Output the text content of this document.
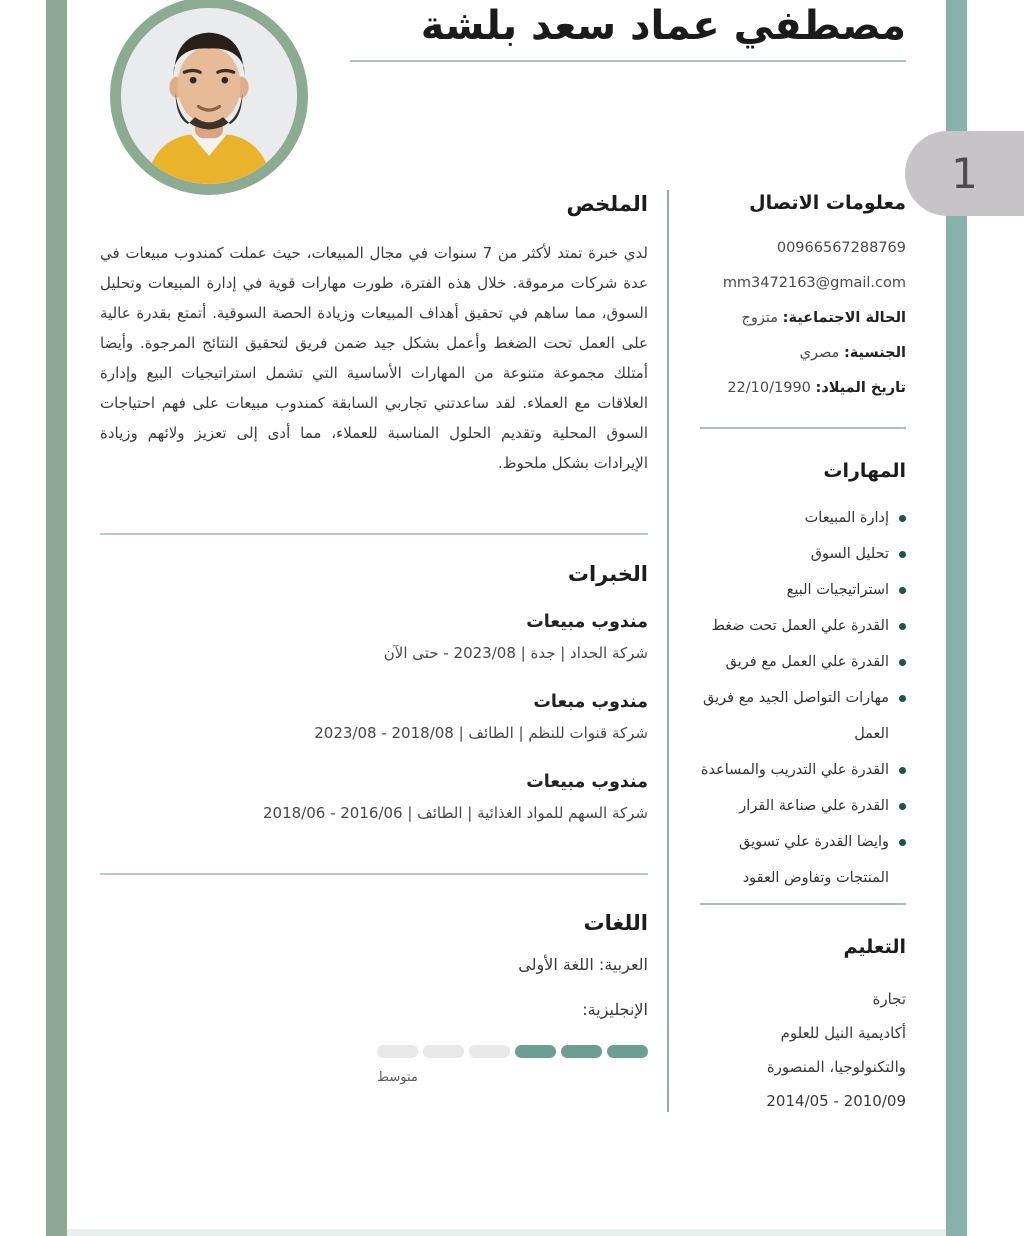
1
مصطفي عماد سعد بلشة
الملخص

لدي خبرة تمتد لأكثر من 7 سنوات في مجال المبيعات، حيث عملت كمندوب مبيعات في عدة شركات مرموقة. خلال هذه الفترة، طورت مهارات قوية في إدارة المبيعات وتحليل السوق، مما ساهم في تحقيق أهداف المبيعات وزيادة الحصة السوقية. أتمتع بقدرة عالية على العمل تحت الضغط وأعمل بشكل جيد ضمن فريق لتحقيق النتائج المرجوة. وأيضا أمتلك مجموعة متنوعة من المهارات الأساسية التي تشمل استراتيجيات البيع وإدارة العلاقات مع العملاء. لقد ساعدتني تجاربي السابقة كمندوب مبيعات على فهم احتياجات السوق المحلية وتقديم الحلول المناسبة للعملاء، مما أدى إلى تعزيز ولائهم وزيادة الإيرادات بشكل ملحوظ.

الخبرات
مندوب مبيعات

شركة الحداد | جدة | 2023/08 - حتى الآن

مندوب مبعات

شركة قنوات للنظم | الطائف | 2018/08 - 2023/08

مندوب مبيعات

شركة السهم للمواد الغذائية | الطائف | 2016/06 - 2018/06

اللغات

العربية: اللغة الأولى

الإنجليزية:

متوسط

معلومات الاتصال

00966567288769

mm3472163@gmail.com

الحالة الاجتماعية: متزوج

الجنسية: مصري

تاريخ الميلاد: 22/10/1990

المهارات
إدارة المبيعات
تحليل السوق
استراتيجيات البيع
القدرة علي العمل تحت ضغط
القدرة علي العمل مع فريق
مهارات التواصل الجيد مع فريق العمل
القدرة علي التدريب والمساعدة
القدرة علي صناعة القرار
وايضا القدرة علي تسويق المنتجات وتفاوض العقود
التعليم

تجارة

أكاديمية النيل للعلوم والتكنولوجيا، المنصورة

2010/09 - 2014/05
